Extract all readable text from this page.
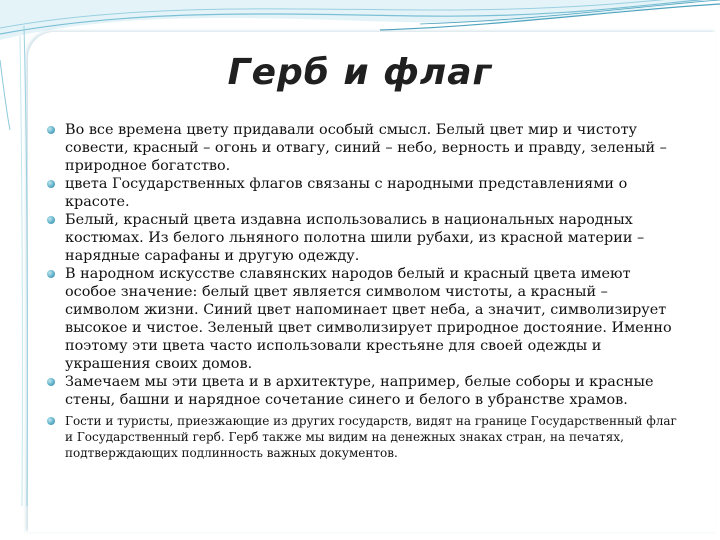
Герб и флаг
Во все времена цвету придавали особый смысл. Белый цвет мир и чистоту совести, красный – огонь и отвагу, синий – небо, верность и правду, зеленый – природное богатство.
цвета Государственных флагов связаны с народными представлениями о красоте.
Белый, красный цвета издавна использовались в национальных народных костюмах. Из белого льняного полотна шили рубахи, из красной материи – нарядные сарафаны и другую одежду.
В народном искусстве славянских народов белый и красный цвета имеют особое значение: белый цвет является символом чистоты, а красный – символом жизни. Синий цвет напоминает цвет неба, а значит, символизирует высокое и чистое. Зеленый цвет символизирует природное достояние. Именно поэтому эти цвета часто использовали крестьяне для своей одежды и украшения своих домов.
Замечаем мы эти цвета и в архитектуре, например, белые соборы и красные стены, башни и нарядное сочетание синего и белого в убранстве храмов.
Гости и туристы, приезжающие из других государств, видят на границе Государственный флаг и Государственный герб. Герб также мы видим на денежных знаках стран, на печатях, подтверждающих подлинность важных документов.
